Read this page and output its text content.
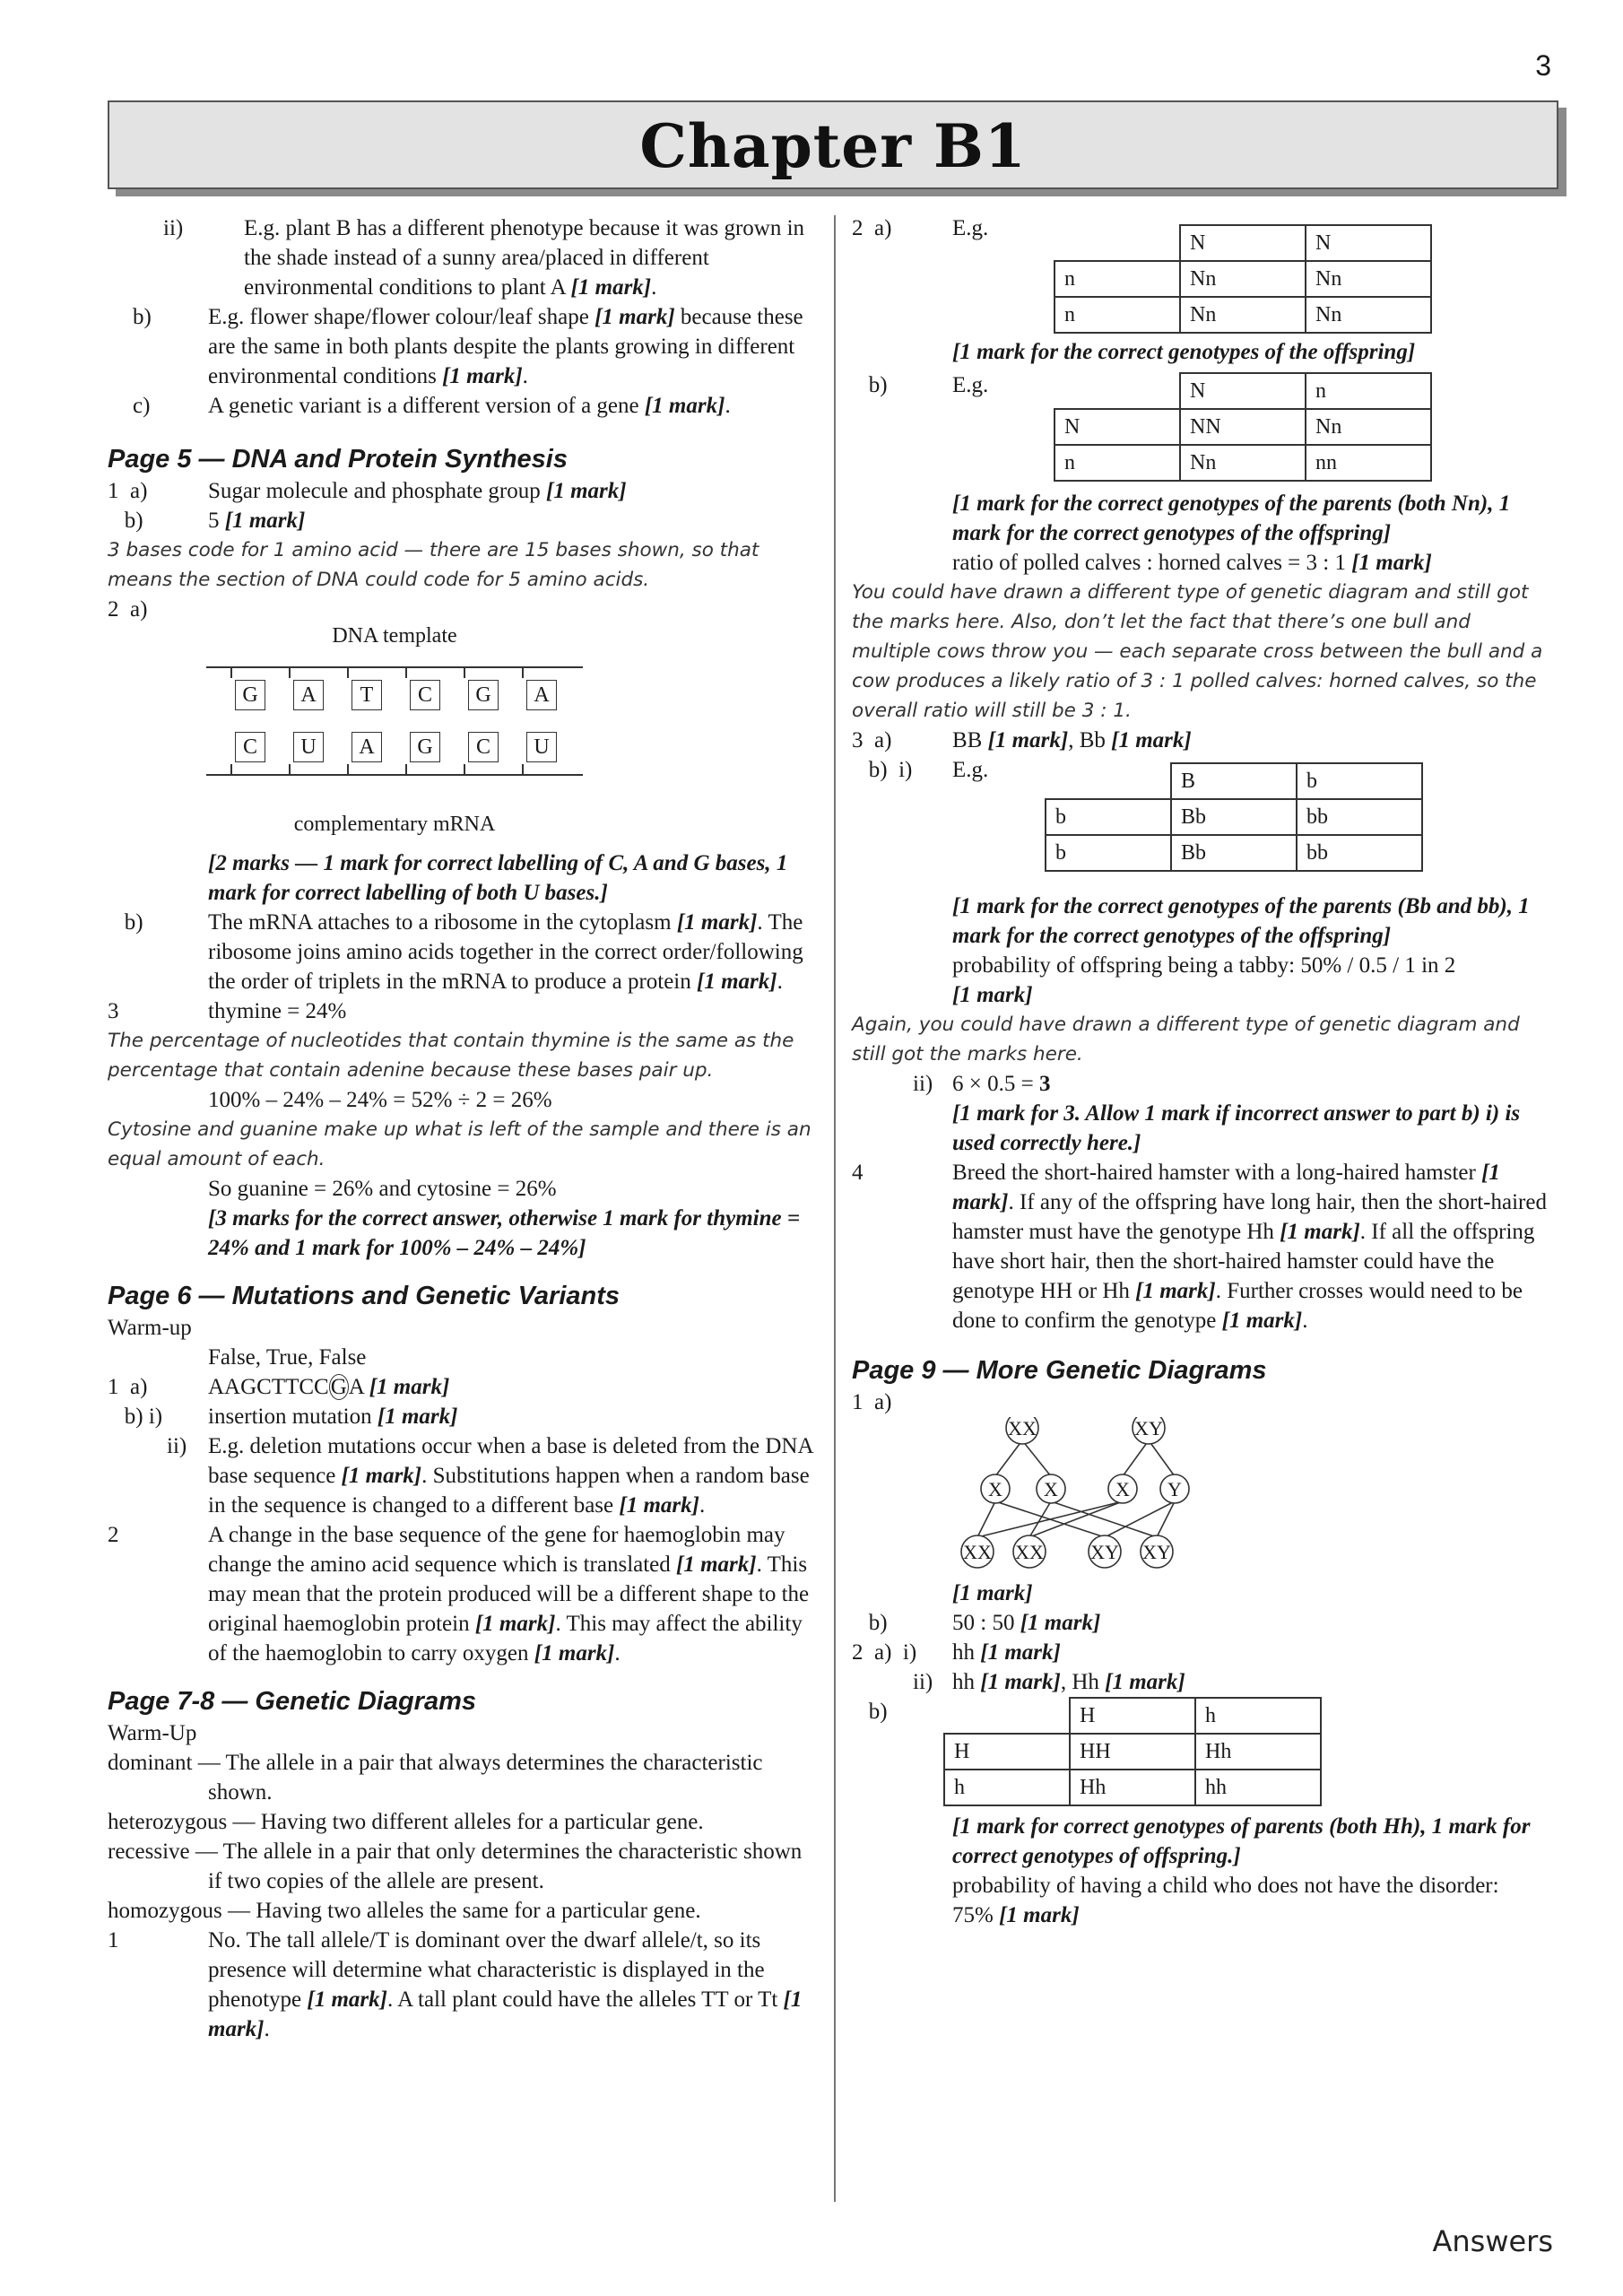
3
Chapter B1
ii)	E.g. plant B has a different phenotype because it was grown in the shade instead of a sunny area/placed in different environmental conditions to plant A [1 mark].
b)	E.g. flower shape/flower colour/leaf shape [1 mark] because these are the same in both plants despite the plants growing in different environmental conditions [1 mark].
c)	A genetic variant is a different version of a gene [1 mark].
Page 5 — DNA and Protein Synthesis
1  a)	Sugar molecule and phosphate group [1 mark]
b)	5 [1 mark]
3 bases code for 1 amino acid — there are 15 bases shown, so that means the section of DNA could code for 5 amino acids.
2  a)
DNA template
G	A	T	C	G	A
C	U	A	G	C	U
complementary mRNA
[2 marks — 1 mark for correct labelling of C, A and G bases, 1 mark for correct labelling of both U bases.]
b)	The mRNA attaches to a ribosome in the cytoplasm [1 mark]. The ribosome joins amino acids together in the correct order/following the order of triplets in the mRNA to produce a protein [1 mark].
3	thymine = 24%
The percentage of nucleotides that contain thymine is the same as the percentage that contain adenine because these bases pair up.
100% – 24% – 24% = 52% ÷ 2 = 26%
Cytosine and guanine make up what is left of the sample and there is an equal amount of each.
So guanine = 26% and cytosine = 26%
[3 marks for the correct answer, otherwise 1 mark for thymine = 24% and 1 mark for 100% – 24% – 24%]
Page 6 — Mutations and Genetic Variants
Warm-up
False, True, False
1  a)	AAGCTTCCGA [1 mark]
b) i) insertion mutation [1 mark]
ii) E.g. deletion mutations occur when a base is deleted from the DNA base sequence [1 mark]. Substitutions happen when a random base in the sequence is changed to a different base [1 mark].
2	A change in the base sequence of the gene for haemoglobin may change the amino acid sequence which is translated [1 mark]. This may mean that the protein produced will be a different shape to the original haemoglobin protein [1 mark]. This may affect the ability of the haemoglobin to carry oxygen [1 mark].
Page 7-8 — Genetic Diagrams
Warm-Up
dominant — The allele in a pair that always determines the characteristic shown.
heterozygous — Having two different alleles for a particular gene.
recessive — The allele in a pair that only determines the characteristic shown if two copies of the allele are present.
homozygous — Having two alleles the same for a particular gene.
1	No. The tall allele/T is dominant over the dwarf allele/t, so its presence will determine what characteristic is displayed in the phenotype [1 mark]. A tall plant could have the alleles TT or Tt [1 mark].
2  a)	E.g.
	N	N
n	Nn	Nn
n	Nn	Nn
[1 mark for the correct genotypes of the offspring]
b)	E.g.
		N	n
N	NN	Nn
n	Nn	nn
[1 mark for the correct genotypes of the parents (both Nn), 1 mark for the correct genotypes of the offspring]
ratio of polled calves : horned calves = 3 : 1 [1 mark]
You could have drawn a different type of genetic diagram and still got the marks here. Also, don’t let the fact that there’s one bull and multiple cows throw you — each separate cross between the bull and a cow produces a likely ratio of 3 : 1 polled calves: horned calves, so the overall ratio will still be 3 : 1.
3  a)	BB [1 mark], Bb [1 mark]
b)  i) E.g.
		B	b
b	Bb	bb
b	Bb	bb
[1 mark for the correct genotypes of the parents (Bb and bb), 1 mark for the correct genotypes of the offspring]
probability of offspring being a tabby: 50% / 0.5 / 1 in 2
[1 mark]
Again, you could have drawn a different type of genetic diagram and still got the marks here.
ii) 6 × 0.5 = 3
[1 mark for 3. Allow 1 mark if incorrect answer to part b) i) is used correctly here.]
4	Breed the short-haired hamster with a long-haired hamster [1 mark]. If any of the offspring have long hair, then the short-haired hamster must have the genotype Hh [1 mark]. If all the offspring have short hair, then the short-haired hamster could have the genotype HH or Hh [1 mark]. Further crosses would need to be done to confirm the genotype [1 mark].
Page 9 — More Genetic Diagrams
1  a)
XX	XY
X X	X Y
XX XX XY XY
[1 mark]
b)	50 : 50 [1 mark]
2  a)  i) hh [1 mark]
ii) hh [1 mark], Hh [1 mark]
b)
		H	h
H	HH	Hh
h	Hh	hh
[1 mark for correct genotypes of parents (both Hh), 1 mark for correct genotypes of offspring.]
probability of having a child who does not have the disorder:
75% [1 mark]
Answers
